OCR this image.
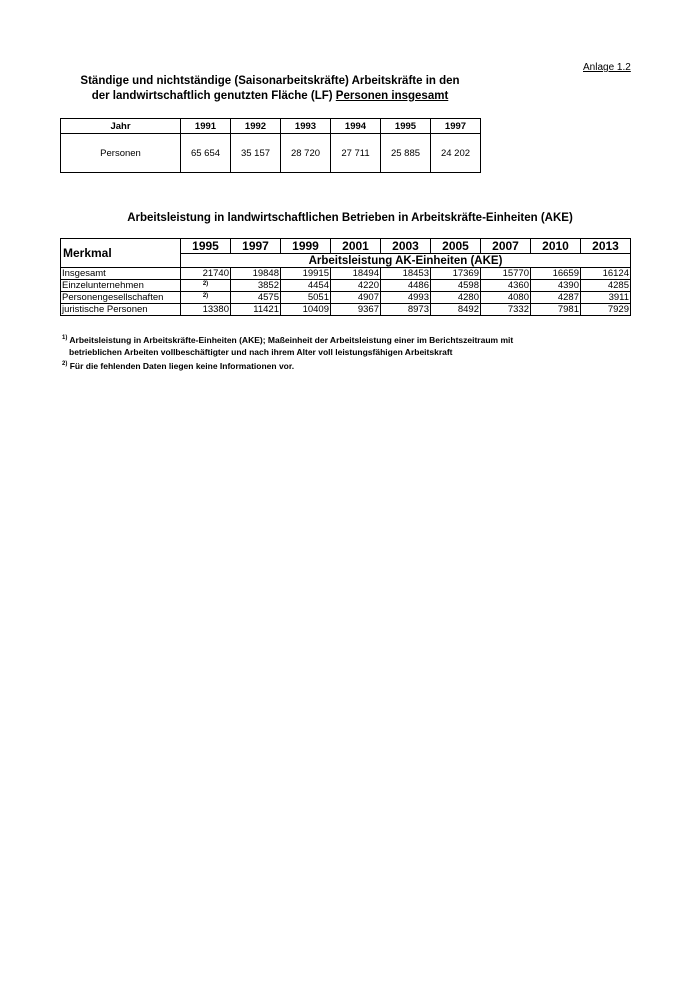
Anlage 1.2
Ständige und nichtständige (Saisonarbeitskräfte) Arbeitskräfte in den
der landwirtschaftlich genutzten Fläche (LF) Personen insgesamt
Jahr	1991	1992	1993	1994	1995	1997
Personen	65 654	35 157	28 720	27 711	25 885	24 202
Arbeitsleistung in landwirtschaftlichen Betrieben in Arbeitskräfte-Einheiten (AKE)
Merkmal	1995	1997	1999	2001	2003	2005	2007	2010	2013
	Arbeitsleistung AK-Einheiten (AKE)								
Insgesamt	21740	19848	19915	18494	18453	17369	15770	16659	16124
Einzelunternehmen	$^{2)}$	3852	4454	4220	4486	4598	4360	4390	4285
Personengesellschaften	$^{2)}$	4575	5051	4907	4993	4280	4080	4287	3911
juristische Personen	13380	11421	10409	9367	8973	8492	7332	7981	7929
$^{1)}$ Arbeitsleistung in Arbeitskräfte-Einheiten (AKE); Maßeinheit der Arbeitsleistung einer im Berichtszeitraum mit
betrieblichen Arbeiten vollbeschäftigter und nach ihrem Alter voll leistungsfähigen Arbeitskraft
$^{2)}$ Für die fehlenden Daten liegen keine Informationen vor.
